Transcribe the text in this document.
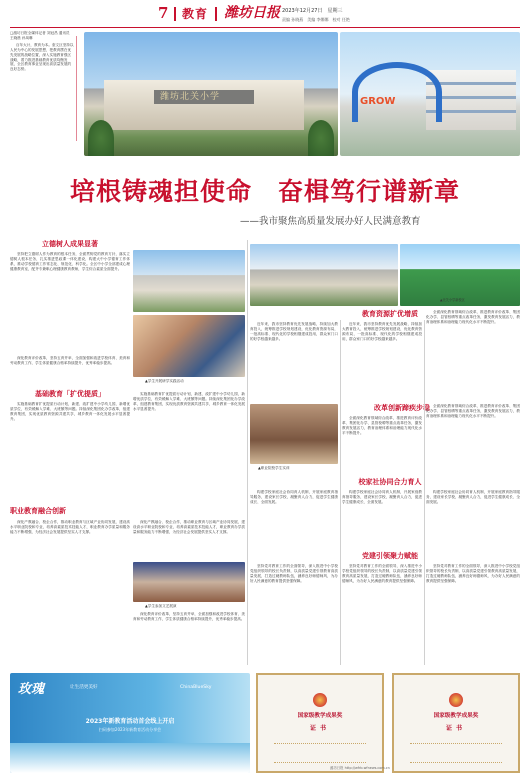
7 教育 潍坊日报 2023年12月27日　星期三
责编 孙晓燕　美编 李娜娜　校对 任艳
□潍坊日报全媒体记者 刘冠昌 通讯员 王晓晨 孙凤琳
百年大计，教育为本。奎文区坚持以人民为中心的发展思想，把教育摆在优先发展的战略位置，深入实施教育强区战略，着力推进基础教育优质均衡发展，全区教育事业呈现出高质量发展的良好态势。
潍坊北关小学	GROW
培根铸魂担使命　奋楫笃行谱新章
——我市聚焦高质量发展办好人民满意教育
立德树人成果显著
坚持把立德树人作为教育的根本任务，全面贯彻党的教育方针，落实立德树人根本任务，扎实推进思政课一体化建设，构建大中小学德育工作体系，推动学校德育工作常态化、规范化、科学化。全区中小学全部建成心理健康教育室，配齐专兼职心理健康教育教师，学生综合素质全面提升。
▲学生开展研学实践活动
深化教育评价改革，坚持五育并举，全面加强和改进学校体育、美育和劳动教育工作，学生体质健康合格率持续提升，优秀率稳步提高。
基础教育「扩优提质」
实施基础教育扩优提质行动计划，新建、改扩建中小学幼儿园，新增优质学位，有效缓解入学难、大班额等问题。持续深化集团化办学改革，组建教育集团，实现优质教育资源共建共享，城乡教育一体化发展水平显著提升。
实施基础教育扩优提质行动计划，新建、改扩建中小学幼儿园，新增优质学位，有效缓解入学难、大班额等问题。持续深化集团化办学改革，组建教育集团，实现优质教育资源共建共享，城乡教育一体化发展水平显著提升。
职业教育融合创新
深化产教融合、校企合作，推动职业教育与区域产业协同发展，建设高水平职业院校和专业，培养高素质技术技能人才，职业教育办学质量和服务能力不断增强，为经济社会发展提供坚实人才支撑。
深化产教融合、校企合作，推动职业教育与区域产业协同发展，建设高水平职业院校和专业，培养高素质技术技能人才，职业教育办学质量和服务能力不断增强，为经济社会发展提供坚实人才支撑。
▲学生参加文艺展演
深化教育评价改革，坚持五育并举，全面加强和改进学校体育、美育和劳动教育工作，学生体质健康合格率持续提升，优秀率稳步提高。
▲北关小学新校区
教育资源扩优增质
近年来，我市坚持教育优先发展战略，持续加大教育投入，统筹推进学校规划建设，优化教育资源布局，一批高标准、现代化的学校相继建成投用，群众家门口的好学校越来越多。
近年来，我市坚持教育优先发展战略，持续加大教育投入，统筹推进学校规划建设，优化教育资源布局，一批高标准、现代化的学校相继建成投用，群众家门口的好学校越来越多。
全面深化教育领域综合改革，推进教育评价改革、集团化办学、县管校聘等重点改革任务，激发教育发展活力，教育治理体系和治理能力现代化水平不断提升。
▲职业院校学生实训
改革创新蹄疾步稳
全面深化教育领域综合改革，推进教育评价改革、集团化办学、县管校聘等重点改革任务，激发教育发展活力，教育治理体系和治理能力现代化水平不断提升。
全面深化教育领域综合改革，推进教育评价改革、集团化办学、县管校聘等重点改革任务，激发教育发展活力，教育治理体系和治理能力现代化水平不断提升。
校家社协同合力育人
构建学校家庭社会协同育人机制，开展家庭教育指导服务，建设家长学校，凝聚育人合力，促进学生健康成长、全面发展。
构建学校家庭社会协同育人机制，开展家庭教育指导服务，建设家长学校，凝聚育人合力，促进学生健康成长、全面发展。
构建学校家庭社会协同育人机制，开展家庭教育指导服务，建设家长学校，凝聚育人合力，促进学生健康成长、全面发展。
党建引领聚力赋能
坚持党对教育工作的全面领导，深入推进中小学校党组织领导的校长负责制，以高质量党建引领教育高质量发展，打造过硬教师队伍，涵养良好师德师风，为办好人民满意的教育提供坚强保障。
坚持党对教育工作的全面领导，深入推进中小学校党组织领导的校长负责制，以高质量党建引领教育高质量发展，打造过硬教师队伍，涵养良好师德师风，为办好人民满意的教育提供坚强保障。
坚持党对教育工作的全面领导，深入推进中小学校党组织领导的校长负责制，以高质量党建引领教育高质量发展，打造过硬教师队伍，涵养良好师德师风，为办好人民满意的教育提供坚强保障。
玫瑰	让生活更美好	ChinaBlueSky
2023年新教育活动首会线上开启
扫码参加2023年新教育活动分享会
国家级教学成果奖
证书
国家级教学成果奖
证书
潍坊日报 http://wfrb.wfnews.com.cn
